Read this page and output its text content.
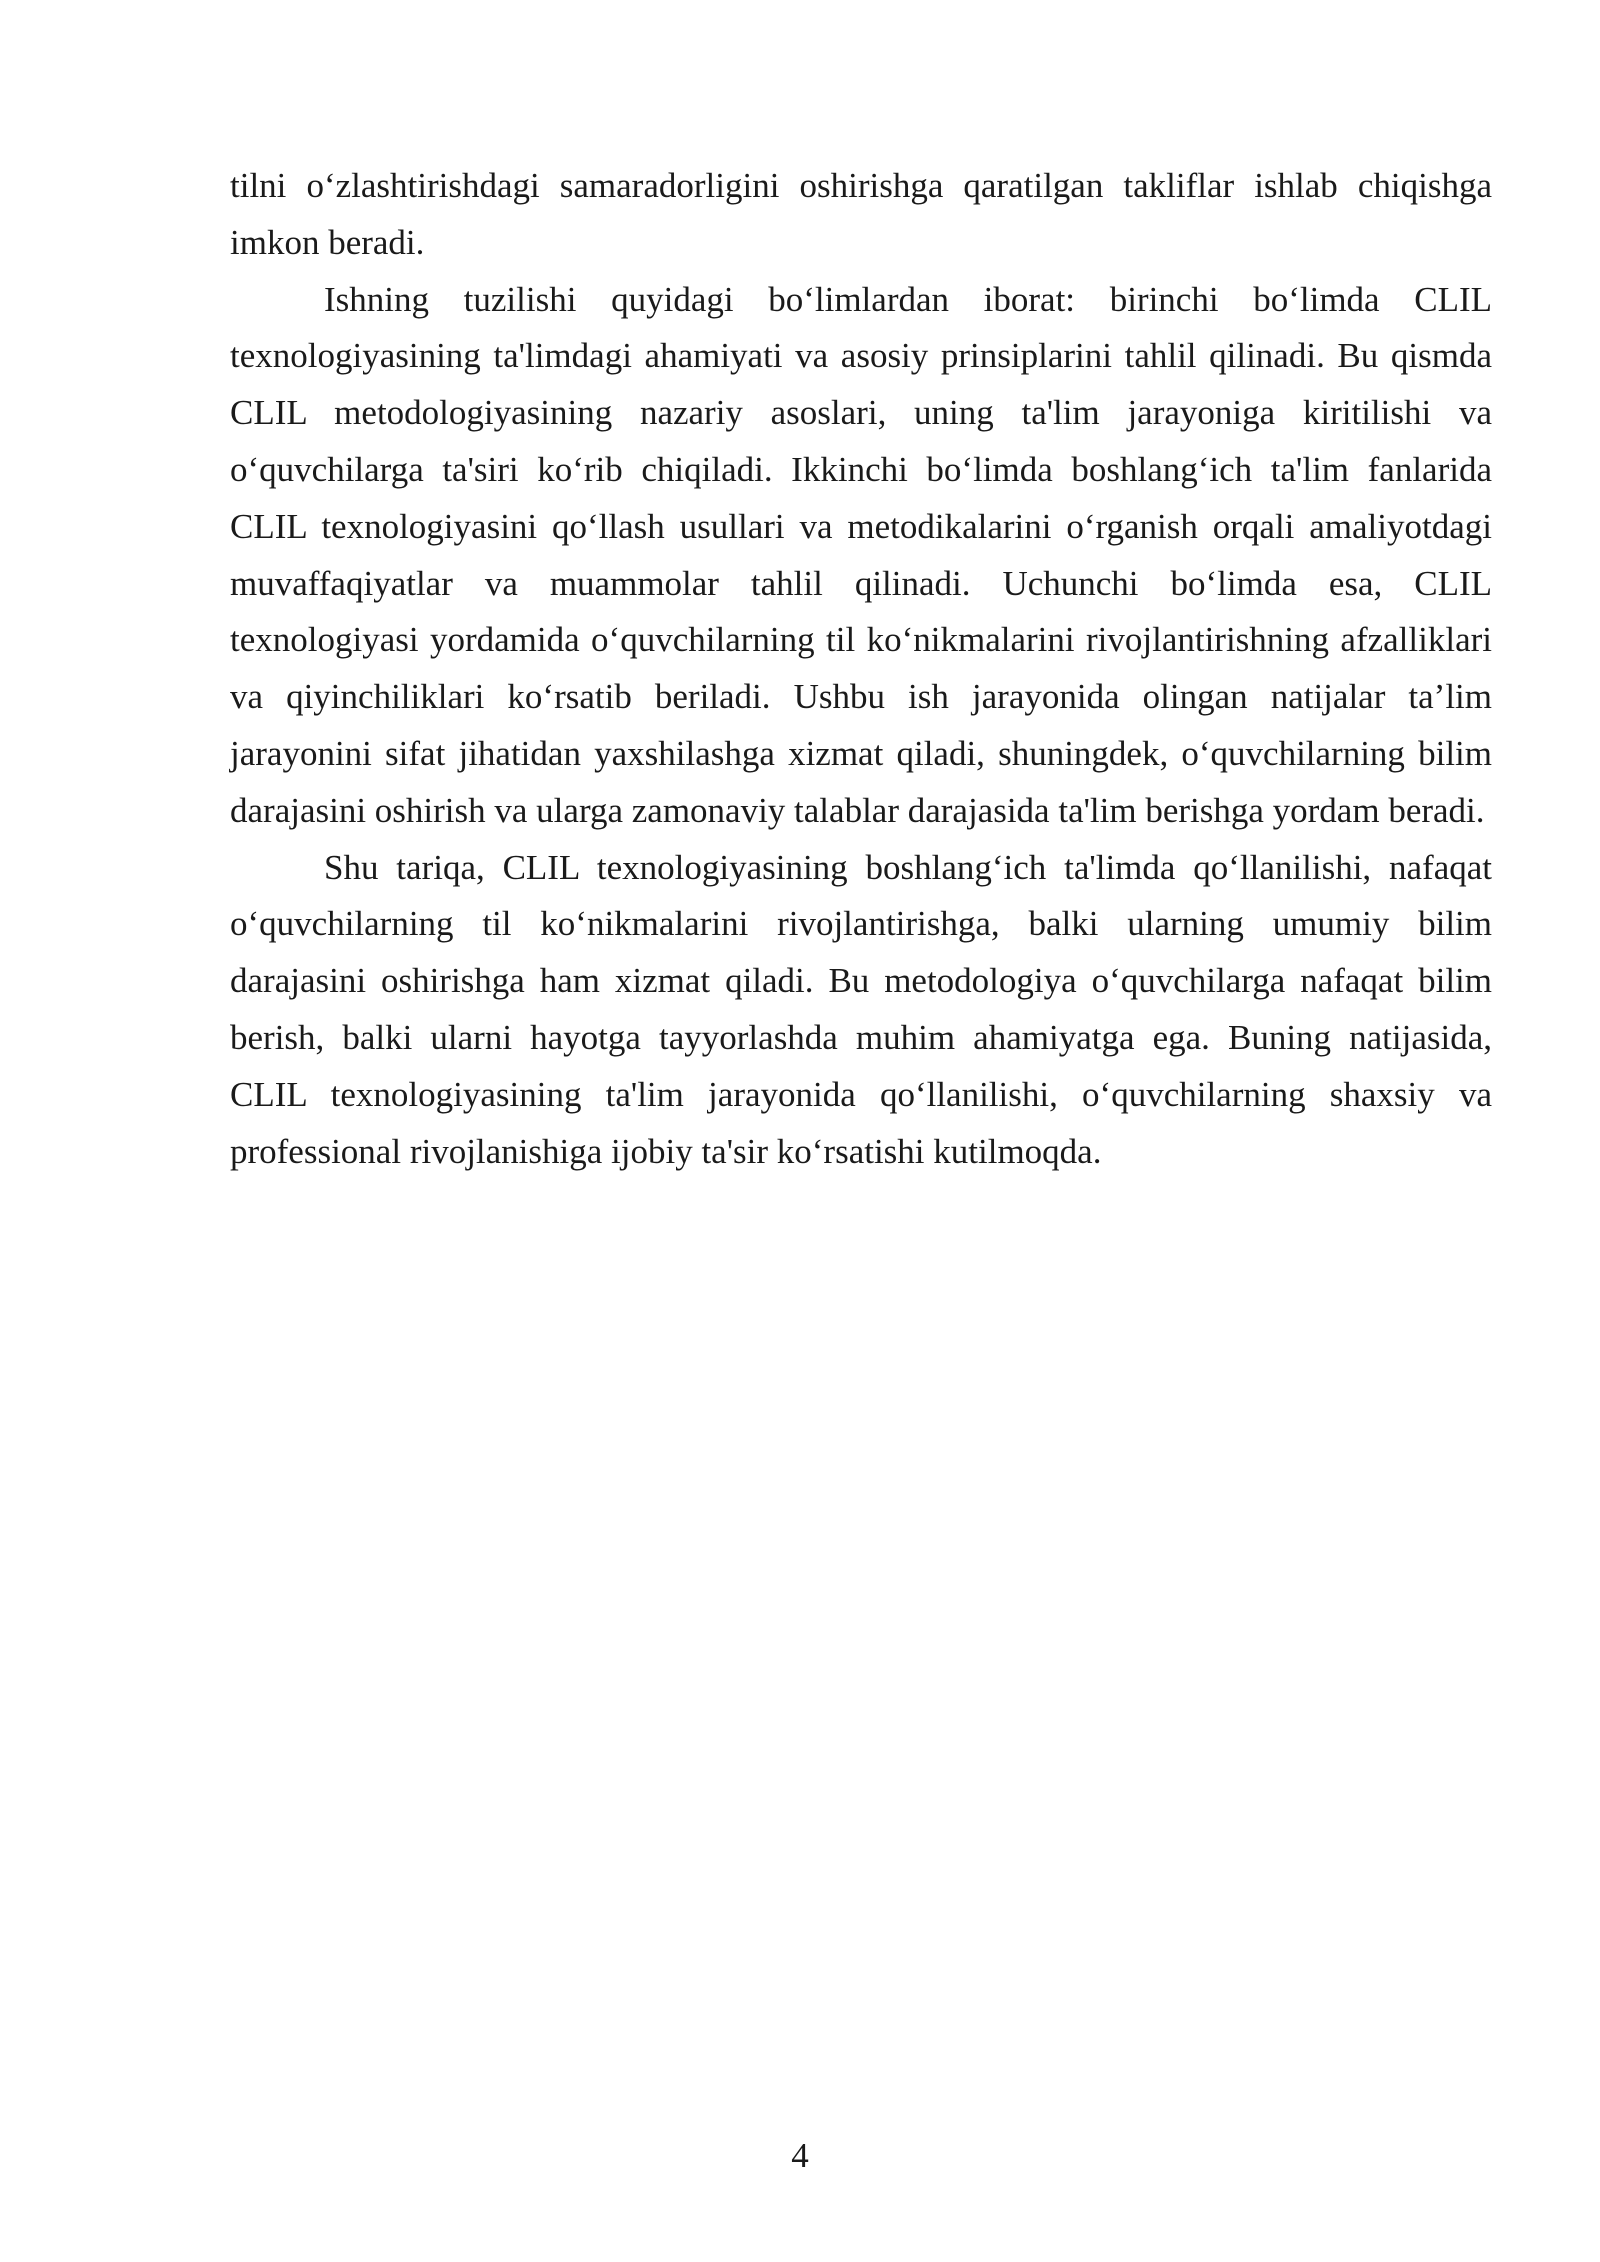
tilni o‘zlashtirishdagi samaradorligini oshirishga qaratilgan takliflar ishlab chiqishga imkon beradi.

Ishning tuzilishi quyidagi bo‘limlardan iborat: birinchi bo‘limda CLIL texnologiyasining ta'limdagi ahamiyati va asosiy prinsiplarini tahlil qilinadi. Bu qismda CLIL metodologiyasining nazariy asoslari, uning ta'lim jarayoniga kiritilishi va o‘quvchilarga ta'siri ko‘rib chiqiladi. Ikkinchi bo‘limda boshlang‘ich ta'lim fanlarida CLIL texnologiyasini qo‘llash usullari va metodikalarini o‘rganish orqali amaliyotdagi muvaffaqiyatlar va muammolar tahlil qilinadi. Uchunchi bo‘limda esa, CLIL texnologiyasi yordamida o‘quvchilarning til ko‘nikmalarini rivojlantirishning afzalliklari va qiyinchiliklari ko‘rsatib beriladi. Ushbu ish jarayonida olingan natijalar ta’lim jarayonini sifat jihatidan yaxshilashga xizmat qiladi, shuningdek, o‘quvchilarning bilim darajasini oshirish va ularga zamonaviy talablar darajasida ta'lim berishga yordam beradi.

Shu tariqa, CLIL texnologiyasining boshlang‘ich ta'limda qo‘llanilishi, nafaqat o‘quvchilarning til ko‘nikmalarini rivojlantirishga, balki ularning umumiy bilim darajasini oshirishga ham xizmat qiladi. Bu metodologiya o‘quvchilarga nafaqat bilim berish, balki ularni hayotga tayyorlashda muhim ahamiyatga ega. Buning natijasida, CLIL texnologiyasining ta'lim jarayonida qo‘llanilishi, o‘quvchilarning shaxsiy va professional rivojlanishiga ijobiy ta'sir ko‘rsatishi kutilmoqda.

4
